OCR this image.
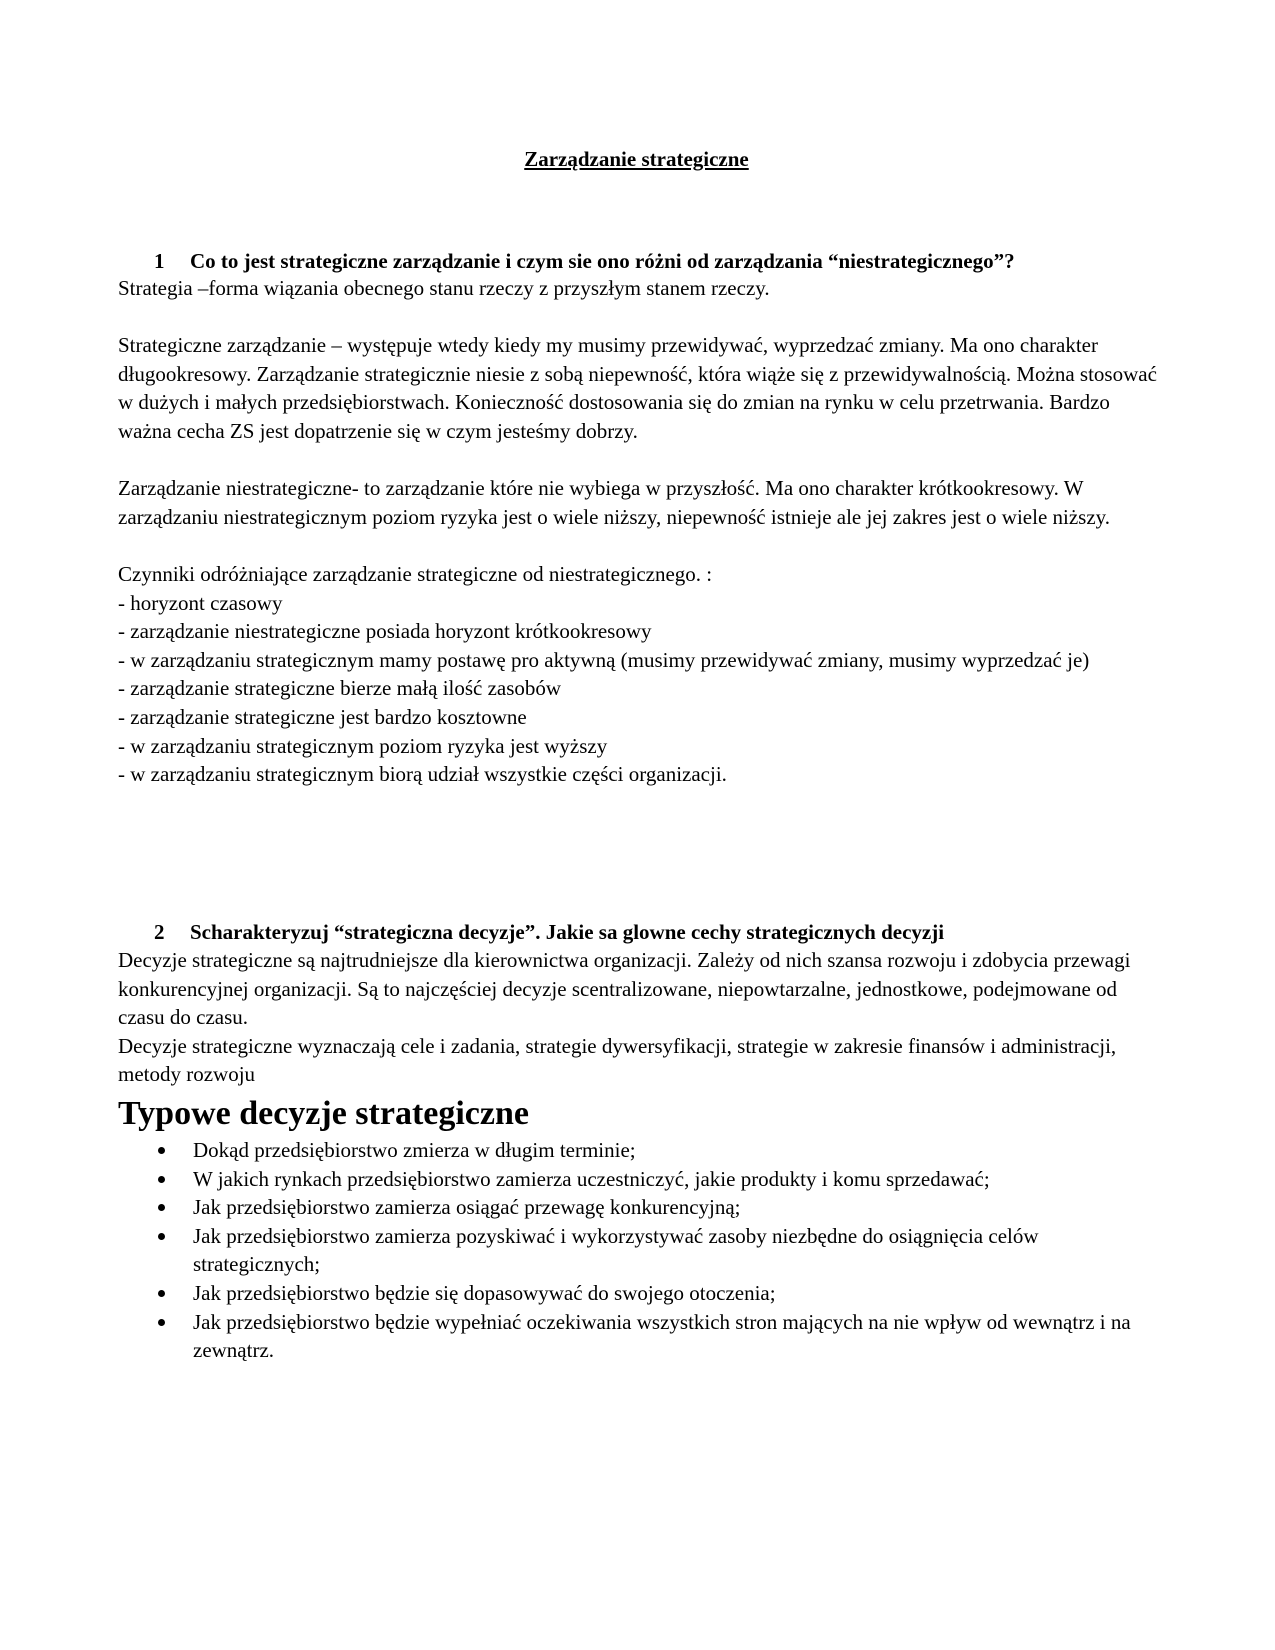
Zarządzanie strategiczne
1 Co to jest strategiczne zarządzanie i czym sie ono różni od zarządzania “niestrategicznego”?

Strategia –forma wiązania obecnego stanu rzeczy z przyszłym stanem rzeczy.

Strategiczne zarządzanie – występuje wtedy kiedy my musimy przewidywać, wyprzedzać zmiany. Ma ono charakter długookresowy. Zarządzanie strategicznie niesie z sobą niepewność, która wiąże się z przewidywalnością. Można stosować w dużych i małych przedsiębiorstwach. Konieczność dostosowania się do zmian na rynku w celu przetrwania. Bardzo ważna cecha ZS jest dopatrzenie się w czym jesteśmy dobrzy.

Zarządzanie niestrategiczne- to zarządzanie które nie wybiega w przyszłość. Ma ono charakter krótkookresowy. W zarządzaniu niestrategicznym poziom ryzyka jest o wiele niższy, niepewność istnieje ale jej zakres jest o wiele niższy.

Czynniki odróżniające zarządzanie strategiczne od niestrategicznego. :

- horyzont czasowy

- zarządzanie niestrategiczne posiada horyzont krótkookresowy

- w zarządzaniu strategicznym mamy postawę pro aktywną (musimy przewidywać zmiany, musimy wyprzedzać je)

- zarządzanie strategiczne bierze małą ilość zasobów

- zarządzanie strategiczne jest bardzo kosztowne

- w zarządzaniu strategicznym poziom ryzyka jest wyższy

- w zarządzaniu strategicznym biorą udział wszystkie części organizacji.

2 Scharakteryzuj “strategiczna decyzje”. Jakie sa glowne cechy strategicznych decyzji

Decyzje strategiczne są najtrudniejsze dla kierownictwa organizacji. Zależy od nich szansa rozwoju i zdobycia przewagi konkurencyjnej organizacji. Są to najczęściej decyzje scentralizowane, niepowtarzalne, jednostkowe, podejmowane od czasu do czasu.

Decyzje strategiczne wyznaczają cele i zadania, strategie dywersyfikacji, strategie w zakresie finansów i administracji, metody rozwoju

Typowe decyzje strategiczne
Dokąd przedsiębiorstwo zmierza w długim terminie;
W jakich rynkach przedsiębiorstwo zamierza uczestniczyć, jakie produkty i komu sprzedawać;
Jak przedsiębiorstwo zamierza osiągać przewagę konkurencyjną;
Jak przedsiębiorstwo zamierza pozyskiwać i wykorzystywać zasoby niezbędne do osiągnięcia celów strategicznych;
Jak przedsiębiorstwo będzie się dopasowywać do swojego otoczenia;
Jak przedsiębiorstwo będzie wypełniać oczekiwania wszystkich stron mających na nie wpływ od wewnątrz i na zewnątrz.
